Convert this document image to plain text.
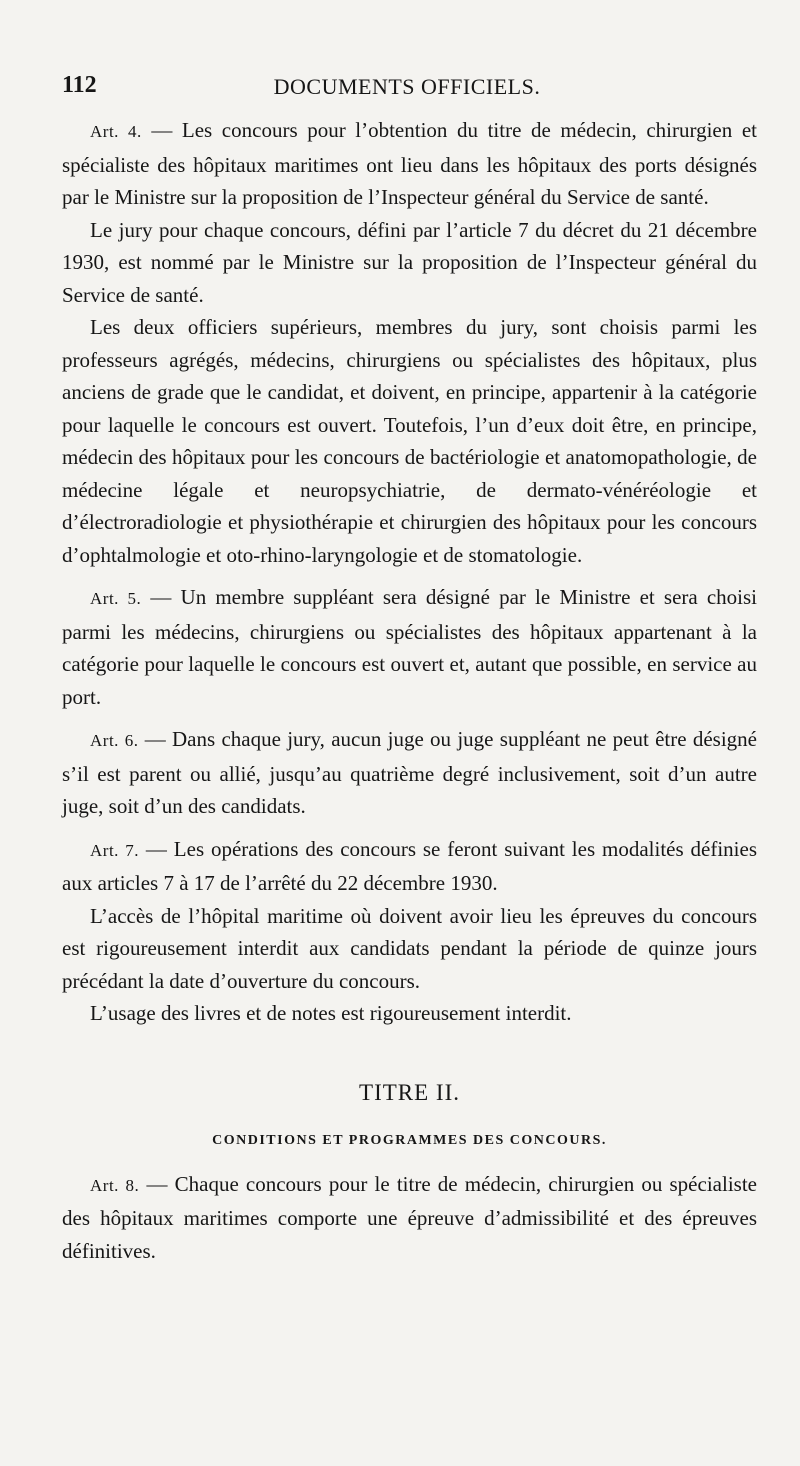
112	DOCUMENTS OFFICIELS.

Art. 4. — Les concours pour l’obtention du titre de médecin, chirurgien et spécialiste des hôpitaux maritimes ont lieu dans les hôpitaux des ports désignés par le Ministre sur la proposition de l’Inspecteur général du Service de santé.

Le jury pour chaque concours, défini par l’article 7 du décret du 21 décembre 1930, est nommé par le Ministre sur la proposition de l’Inspecteur général du Service de santé.

Les deux officiers supérieurs, membres du jury, sont choisis parmi les professeurs agrégés, médecins, chirurgiens ou spécialistes des hôpitaux, plus anciens de grade que le candidat, et doivent, en principe, appartenir à la catégorie pour laquelle le concours est ouvert. Toutefois, l’un d’eux doit être, en principe, médecin des hôpitaux pour les concours de bactériologie et anatomopathologie, de médecine légale et neuropsychiatrie, de dermato-vénéréologie et d’électroradiologie et physiothérapie et chirurgien des hôpitaux pour les concours d’ophtalmologie et oto-rhino-laryngologie et de stomatologie.

Art. 5. — Un membre suppléant sera désigné par le Ministre et sera choisi parmi les médecins, chirurgiens ou spécialistes des hôpitaux appartenant à la catégorie pour laquelle le concours est ouvert et, autant que possible, en service au port.

Art. 6. — Dans chaque jury, aucun juge ou juge suppléant ne peut être désigné s’il est parent ou allié, jusqu’au quatrième degré inclusivement, soit d’un autre juge, soit d’un des candidats.

Art. 7. — Les opérations des concours se feront suivant les modalités définies aux articles 7 à 17 de l’arrêté du 22 décembre 1930.

L’accès de l’hôpital maritime où doivent avoir lieu les épreuves du concours est rigoureusement interdit aux candidats pendant la période de quinze jours précédant la date d’ouverture du concours.

L’usage des livres et de notes est rigoureusement interdit.

TITRE II.
CONDITIONS ET PROGRAMMES DES CONCOURS.

Art. 8. — Chaque concours pour le titre de médecin, chirurgien ou spécialiste des hôpitaux maritimes comporte une épreuve d’admissibilité et des épreuves définitives.
